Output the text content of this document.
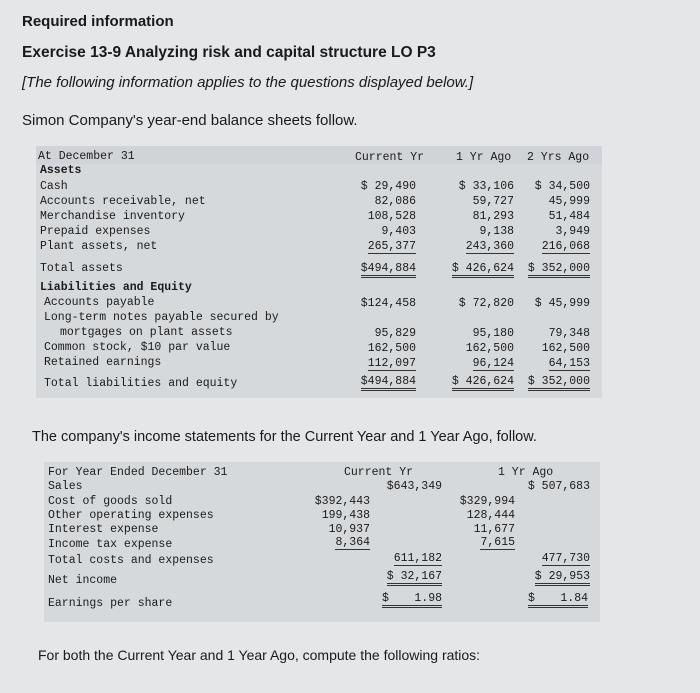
Required information
Exercise 13-9 Analyzing risk and capital structure LO P3
[The following information applies to the questions displayed below.]
Simon Company's year-end balance sheets follow.
At December 31	Current Yr	1 Yr Ago 2 Yrs Ago
Assets
Cash	$ 29,490	$ 33,106 $ 34,500
Accounts receivable, net	82,086	59,727	45,999
Merchandise inventory	108,528	81,293	51,484
Prepaid expenses	9,403	9,138	3,949
Plant assets, net	265,377	243,360 216,068
Total assets	$494,884	$ 426,624 $ 352,000
Liabilities and Equity
Accounts payable	$124,458	$ 72,820 $ 45,999
Long-term notes payable secured by
mortgages on plant assets	95,829	95,180	79,348
Common stock, $10 par value	162,500	162,500 162,500
Retained earnings	112,097	96,124	64,153
Total liabilities and equity	$494,884	$ 426,624 $ 352,000
The company's income statements for the Current Year and 1 Year Ago, follow.
For Year Ended December 31	Current Yr	1 Yr Ago
Sales	$643,349	$ 507,683
Cost of goods sold	$392,443	$329,994
Other operating expenses	199,438	128,444
Interest expense	10,937	11,677
Income tax expense	8,364	7,615
Total costs and expenses	611,182	477,730
Net income	$ 32,167	$ 29,953
Earnings per share	$ 1.98	$ 1.84
For both the Current Year and 1 Year Ago, compute the following ratios:
